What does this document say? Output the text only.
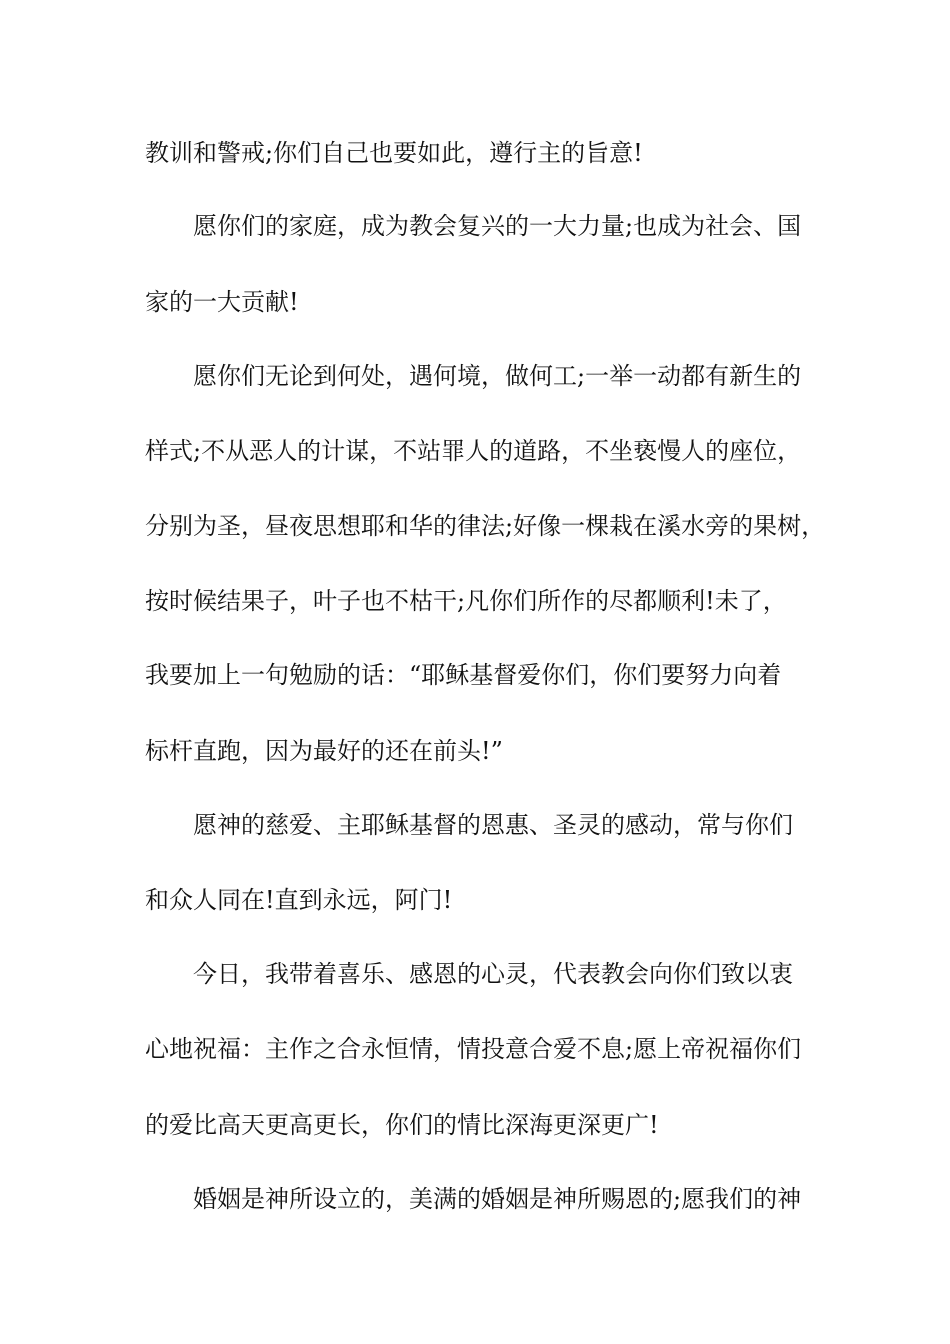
教训和警戒;你们自己也要如此，遵行主的旨意!
愿你们的家庭，成为教会复兴的一大力量;也成为社会、国
家的一大贡献!
愿你们无论到何处，遇何境，做何工;一举一动都有新生的
样式;不从恶人的计谋，不站罪人的道路，不坐亵慢人的座位，
分别为圣，昼夜思想耶和华的律法;好像一棵栽在溪水旁的果树，
按时候结果子，叶子也不枯干;凡你们所作的尽都顺利!未了，
我要加上一句勉励的话：“耶稣基督爱你们，你们要努力向着
标杆直跑，因为最好的还在前头!”
愿神的慈爱、主耶稣基督的恩惠、圣灵的感动，常与你们
和众人同在!直到永远，阿门!
今日，我带着喜乐、感恩的心灵，代表教会向你们致以衷
心地祝福：主作之合永恒情，情投意合爱不息;愿上帝祝福你们
的爱比高天更高更长，你们的情比深海更深更广!
婚姻是神所设立的，美满的婚姻是神所赐恩的;愿我们的神
